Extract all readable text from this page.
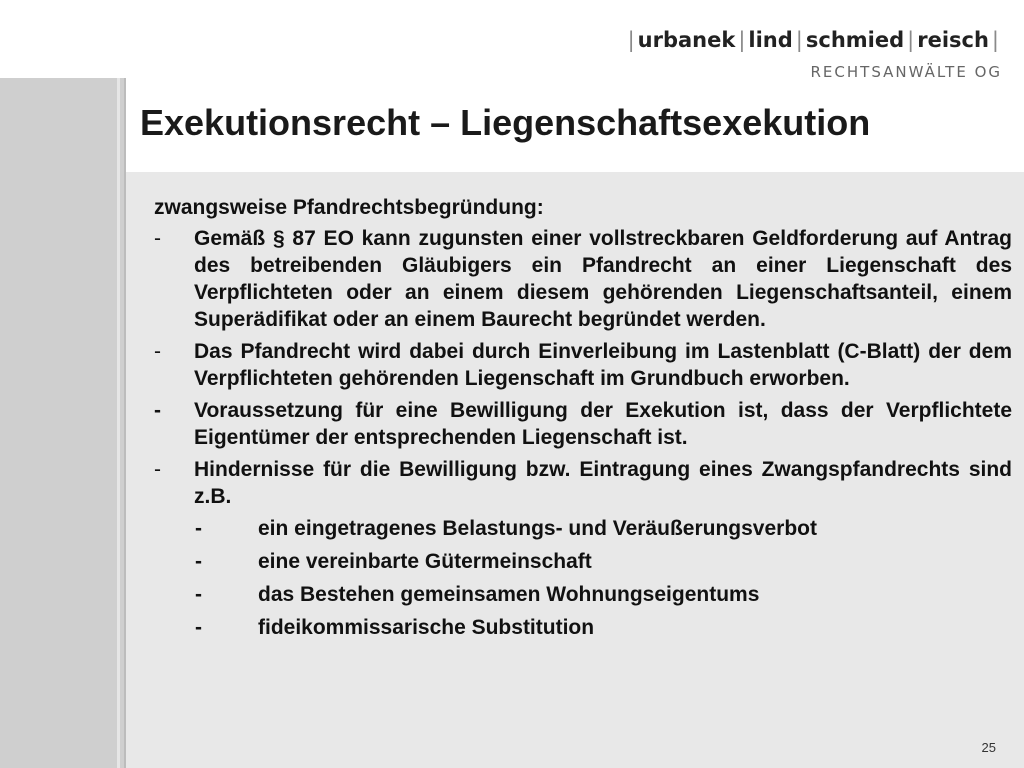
| urbanek | lind | schmied | reisch |
RECHTSANWÄLTE OG
Exekutionsrecht – Liegenschaftsexekution
zwangsweise Pfandrechtsbegründung:
-	Gemäß § 87 EO kann zugunsten einer vollstreckbaren Geldforderung auf Antrag des betreibenden Gläubigers ein Pfandrecht an einer Liegenschaft des Verpflichteten oder an einem diesem gehörenden Liegenschaftsanteil, einem Superädifikat oder an einem Baurecht begründet werden.
-	Das Pfandrecht wird dabei durch Einverleibung im Lastenblatt (C-Blatt) der dem Verpflichteten gehörenden Liegenschaft im Grundbuch erworben.
-	Voraussetzung für eine Bewilligung der Exekution ist, dass der Verpflichtete Eigentümer der entsprechenden Liegenschaft ist.
-	Hindernisse für die Bewilligung bzw. Eintragung eines Zwangspfandrechts sind z.B.
-	ein eingetragenes Belastungs- und Veräußerungsverbot
-	eine vereinbarte Gütermeinschaft
-	das Bestehen gemeinsamen Wohnungseigentums
-	fideikommissarische Substitution
25
